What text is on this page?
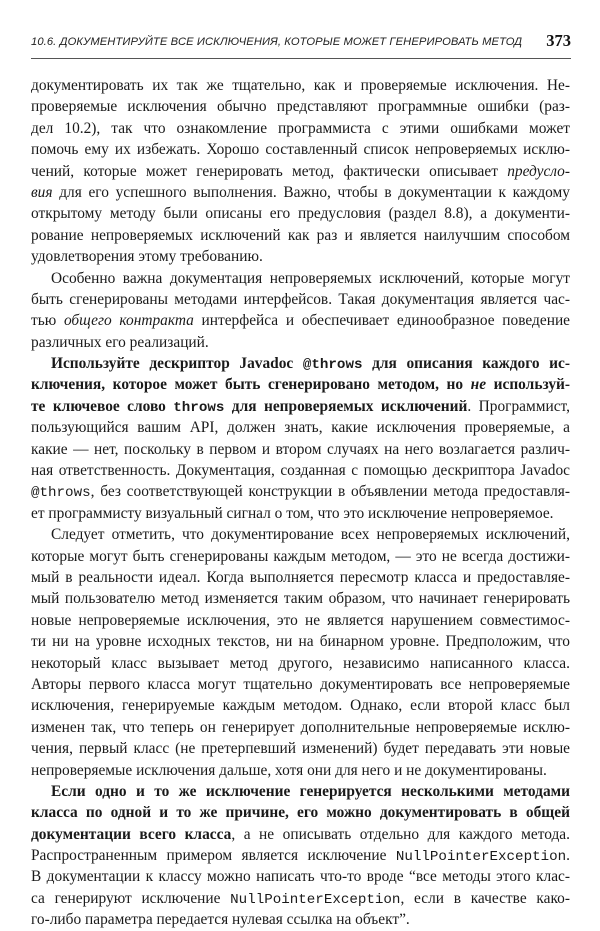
10.6. ДОКУМЕНТИРУЙТЕ ВСЕ ИСКЛЮЧЕНИЯ, КОТОРЫЕ МОЖЕТ ГЕНЕРИРОВАТЬ МЕТОД 373
документировать их так же тщательно, как и проверяемые исключения. Не-
проверяемые исключения обычно представляют программные ошибки (раз-
дел 10.2), так что ознакомление программиста с этими ошибками может
помочь ему их избежать. Хорошо составленный список непроверяемых исклю-
чений, которые может генерировать метод, фактически описывает предусло-
вия для его успешного выполнения. Важно, чтобы в документации к каждому
открытому методу были описаны его предусловия (раздел 8.8), а документи-
рование непроверяемых исключений как раз и является наилучшим способом
удовлетворения этому требованию.
Особенно важна документация непроверяемых исключений, которые могут
быть сгенерированы методами интерфейсов. Такая документация является час-
тью общего контракта интерфейса и обеспечивает единообразное поведение
различных его реализаций.
Используйте дескриптор Javadoc @throws для описания каждого ис-
ключения, которое может быть сгенерировано методом, но не используй-
те ключевое слово throws для непроверяемых исключений. Программист,
пользующийся вашим API, должен знать, какие исключения проверяемые, а
какие — нет, поскольку в первом и втором случаях на него возлагается различ-
ная ответственность. Документация, созданная с помощью дескриптора Javadoc
@throws, без соответствующей конструкции в объявлении метода предоставля-
ет программисту визуальный сигнал о том, что это исключение непроверяемое.
Следует отметить, что документирование всех непроверяемых исключений,
которые могут быть сгенерированы каждым методом, — это не всегда достижи-
мый в реальности идеал. Когда выполняется пересмотр класса и предоставляе-
мый пользователю метод изменяется таким образом, что начинает генерировать
новые непроверяемые исключения, это не является нарушением совместимос-
ти ни на уровне исходных текстов, ни на бинарном уровне. Предположим, что
некоторый класс вызывает метод другого, независимо написанного класса.
Авторы первого класса могут тщательно документировать все непроверяемые
исключения, генерируемые каждым методом. Однако, если второй класс был
изменен так, что теперь он генерирует дополнительные непроверяемые исклю-
чения, первый класс (не претерпевший изменений) будет передавать эти новые
непроверяемые исключения дальше, хотя они для него и не документированы.
Если одно и то же исключение генерируется несколькими методами
класса по одной и то же причине, его можно документировать в общей
документации всего класса, а не описывать отдельно для каждого метода.
Распространенным примером является исключение NullPointerException.
В документации к классу можно написать что-то вроде “все методы этого клас-
са генерируют исключение NullPointerException, если в качестве како-
го-либо параметра передается нулевая ссылка на объект”.
